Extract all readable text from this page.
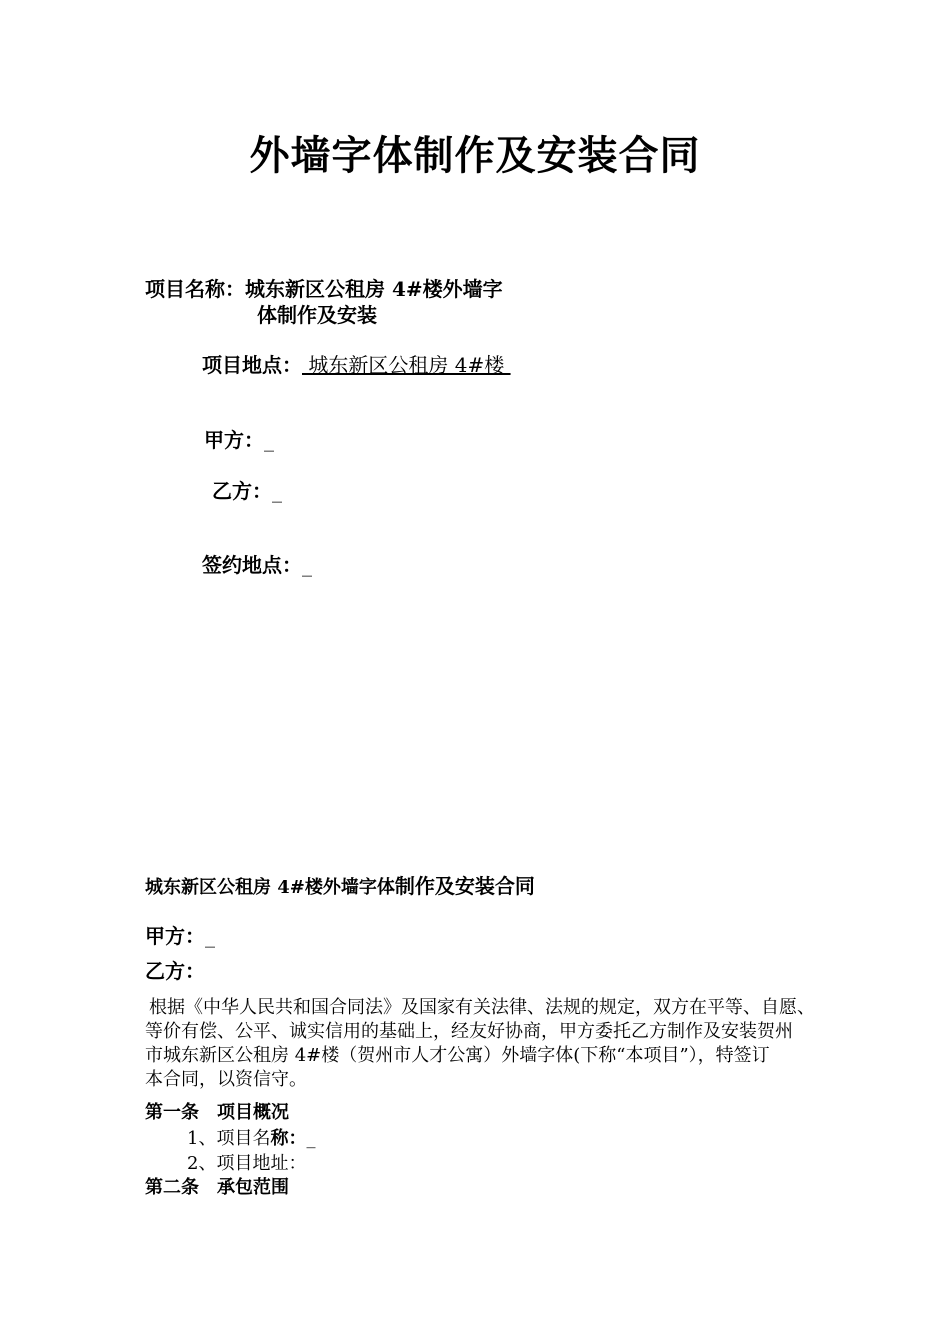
外墙字体制作及安装合同
项目名称：城东新区公租房 4#楼外墙字
体制作及安装
项目地点： 城东新区公租房 4#楼
甲方：_
乙方：_
签约地点：_
城东新区公租房 4#楼外墙字体制作及安装合同
甲方：_
乙方：
根据《中华人民共和国合同法》及国家有关法律、法规的规定，双方在平等、自愿、
等价有偿、公平、诚实信用的基础上，经友好协商，甲方委托乙方制作及安装贺州
市城东新区公租房 4#楼（贺州市人才公寓）外墙字体(下称“本项目”），特签订
本合同，以资信守。
第一条　项目概况
1、项目名称：_
2、项目地址：
第二条　承包范围
